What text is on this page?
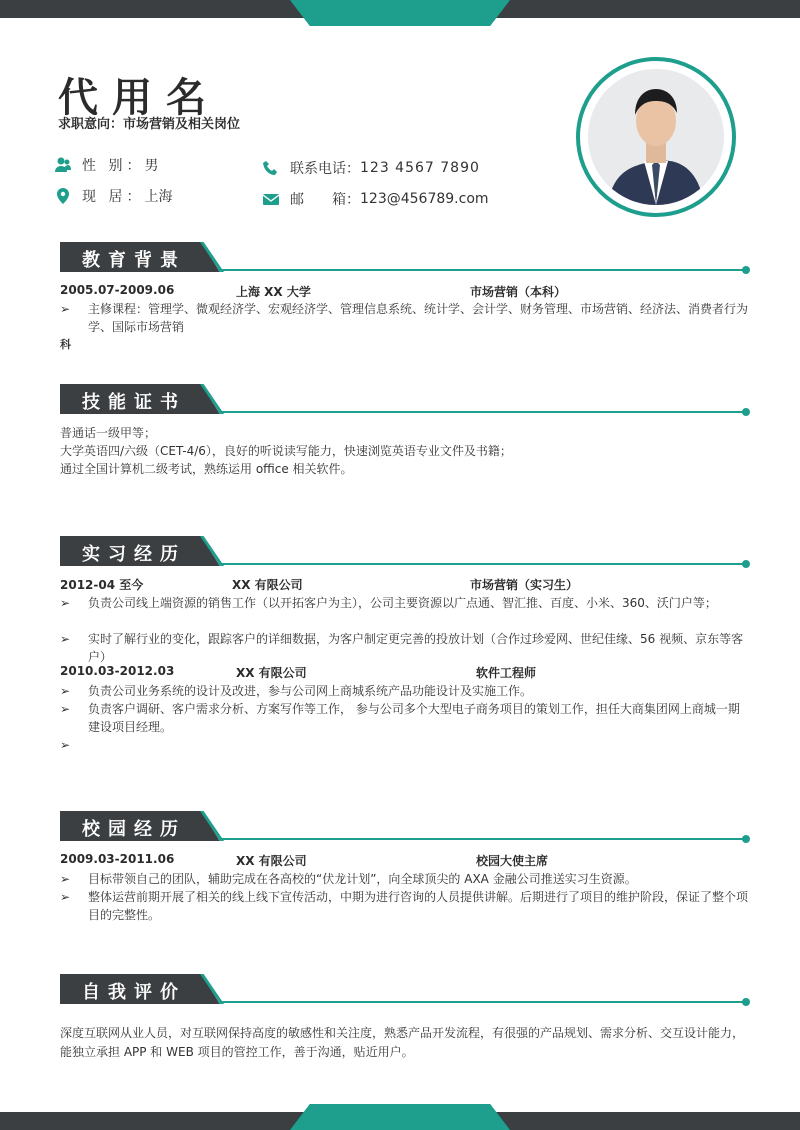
代用名
求职意向：市场营销及相关岗位
性 别： 男
现 居： 上海
联系电话： 123 4567 7890
邮　　箱： 123@456789.com
教育背景
2005.07-2009.06	上海 XX 大学	市场营销（本科）
➢ 主修课程：管理学、微观经济学、宏观经济学、管理信息系统、统计学、会计学、财务管理、市场营销、经济法、消费者行为学、国际市场营销
科
技能证书
普通话一级甲等；
大学英语四/六级（CET-4/6），良好的听说读写能力，快速浏览英语专业文件及书籍；
通过全国计算机二级考试，熟练运用 office 相关软件。
实习经历
2012-04 至今	XX 有限公司	市场营销（实习生）
➢ 负责公司线上端资源的销售工作（以开拓客户为主），公司主要资源以广点通、智汇推、百度、小米、360、沃门户等；
➢ 实时了解行业的变化，跟踪客户的详细数据，为客户制定更完善的投放计划（合作过珍爱网、世纪佳缘、56 视频、京东等客户）
2010.03-2012.03	XX 有限公司	软件工程师
➢ 负责公司业务系统的设计及改进，参与公司网上商城系统产品功能设计及实施工作。
➢ 负责客户调研、客户需求分析、方案写作等工作， 参与公司多个大型电子商务项目的策划工作，担任大商集团网上商城一期建设项目经理。
➢
校园经历
2009.03-2011.06	XX 有限公司	校园大使主席
➢ 目标带领自己的团队，辅助完成在各高校的“伏龙计划”，向全球顶尖的 AXA 金融公司推送实习生资源。
➢ 整体运营前期开展了相关的线上线下宣传活动，中期为进行咨询的人员提供讲解。后期进行了项目的维护阶段，保证了整个项目的完整性。
自我评价
深度互联网从业人员，对互联网保持高度的敏感性和关注度，熟悉产品开发流程，有很强的产品规划、需求分析、交互设计能力，能独立承担 APP 和 WEB 项目的管控工作，善于沟通，贴近用户。
